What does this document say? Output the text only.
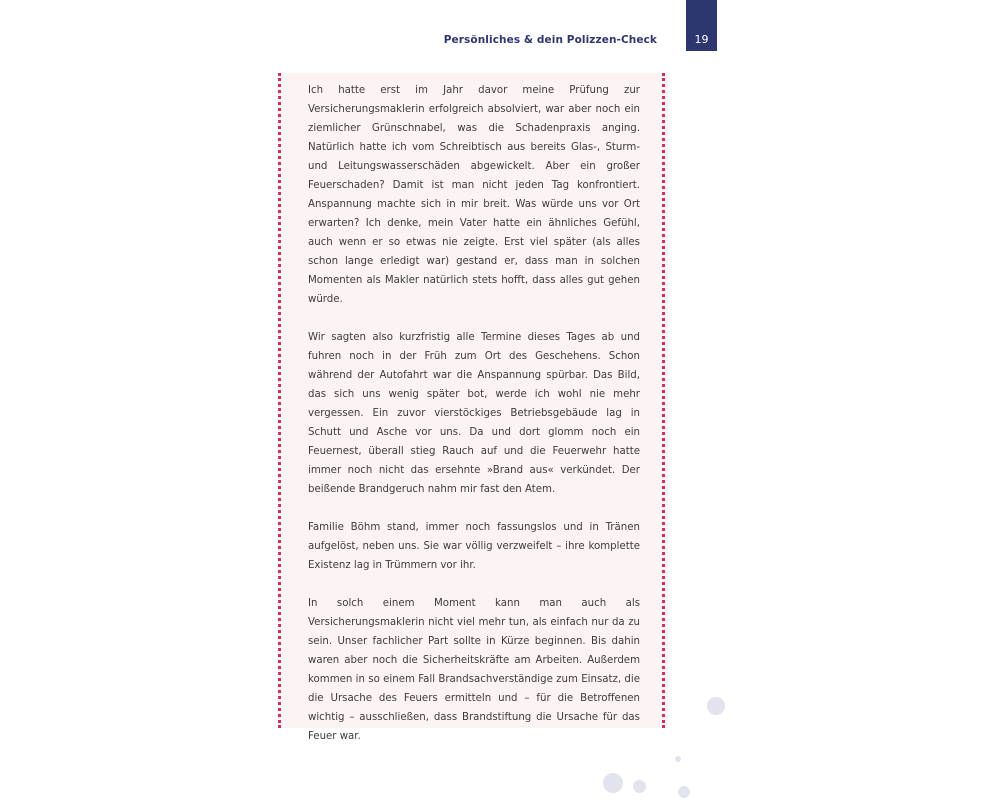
Persönliches & dein Polizzen-Check	19

Ich hatte erst im Jahr davor meine Prüfung zur Versicherungsmaklerin erfolgreich absolviert, war aber noch ein ziemlicher Grünschnabel, was die Schadenpraxis anging. Natürlich hatte ich vom Schreibtisch aus bereits Glas-, Sturm- und Leitungswasserschäden abgewickelt. Aber ein großer Feuerschaden? Damit ist man nicht jeden Tag konfrontiert. Anspannung machte sich in mir breit. Was würde uns vor Ort erwarten? Ich denke, mein Vater hatte ein ähnliches Gefühl, auch wenn er so etwas nie zeigte. Erst viel später (als alles schon lange erledigt war) gestand er, dass man in solchen Momenten als Makler natürlich stets hofft, dass alles gut gehen würde.

Wir sagten also kurzfristig alle Termine dieses Tages ab und fuhren noch in der Früh zum Ort des Geschehens. Schon während der Autofahrt war die Anspannung spürbar. Das Bild, das sich uns wenig später bot, werde ich wohl nie mehr vergessen. Ein zuvor vierstöckiges Betriebsgebäude lag in Schutt und Asche vor uns. Da und dort glomm noch ein Feuernest, überall stieg Rauch auf und die Feuerwehr hatte immer noch nicht das ersehnte »Brand aus« verkündet. Der beißende Brandgeruch nahm mir fast den Atem.

Familie Böhm stand, immer noch fassungslos und in Tränen aufgelöst, neben uns. Sie war völlig verzweifelt – ihre komplette Existenz lag in Trümmern vor ihr.

In solch einem Moment kann man auch als Versicherungsmaklerin nicht viel mehr tun, als einfach nur da zu sein. Unser fachlicher Part sollte in Kürze beginnen. Bis dahin waren aber noch die Sicherheitskräfte am Arbeiten. Außerdem kommen in so einem Fall Brandsachverständige zum Einsatz, die die Ursache des Feuers ermitteln und – für die Betroffenen wichtig – ausschließen, dass Brandstiftung die Ursache für das Feuer war.
